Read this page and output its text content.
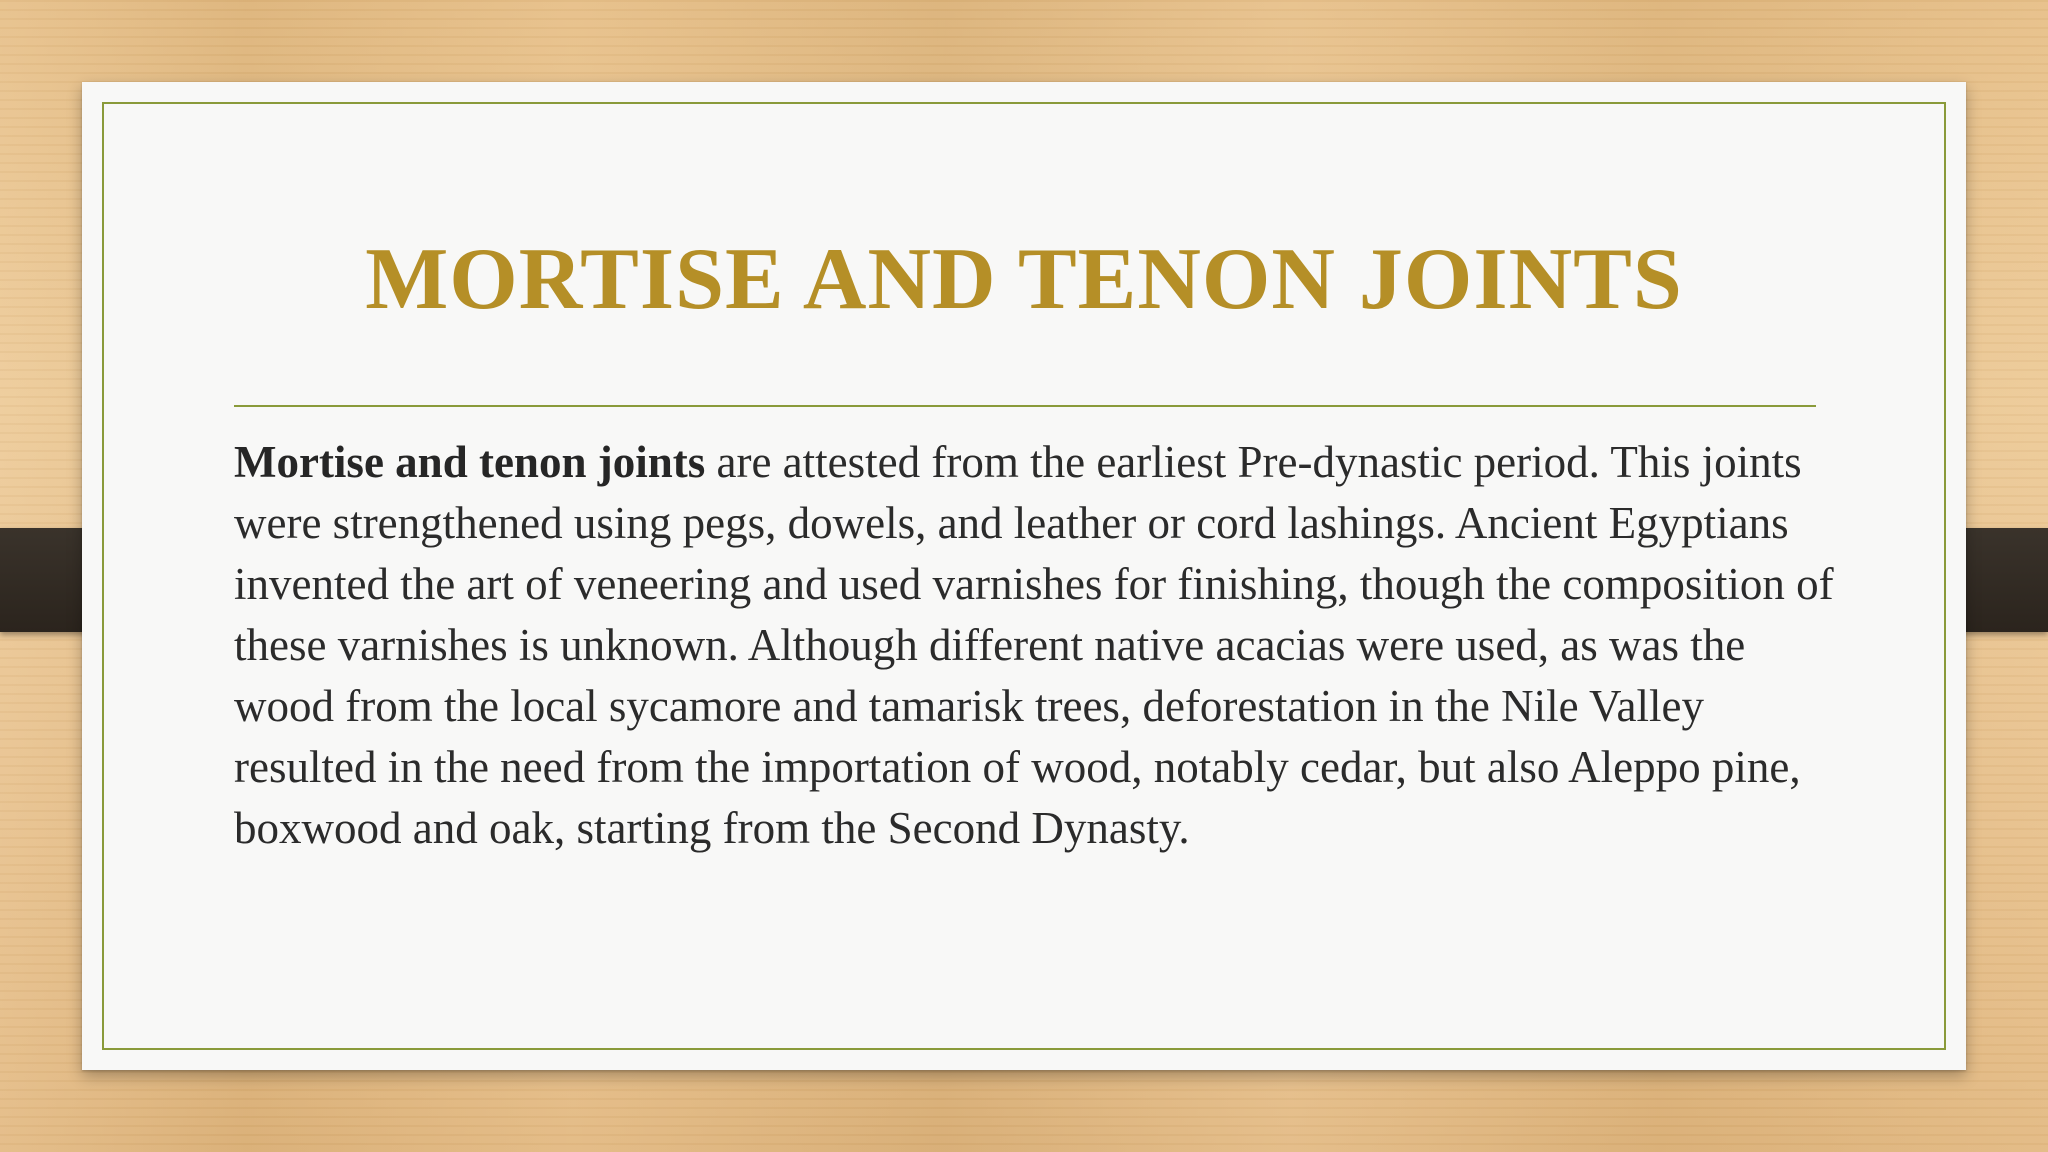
MORTISE AND TENON JOINTS

Mortise and tenon joints are attested from the earliest Pre-dynastic period. This joints were strengthened using pegs, dowels, and leather or cord lashings. Ancient Egyptians invented the art of veneering and used varnishes for finishing, though the composition of these varnishes is unknown. Although different native acacias were used, as was the wood from the local sycamore and tamarisk trees, deforestation in the Nile Valley resulted in the need from the importation of wood, notably cedar, but also Aleppo pine, boxwood and oak, starting from the Second Dynasty.
